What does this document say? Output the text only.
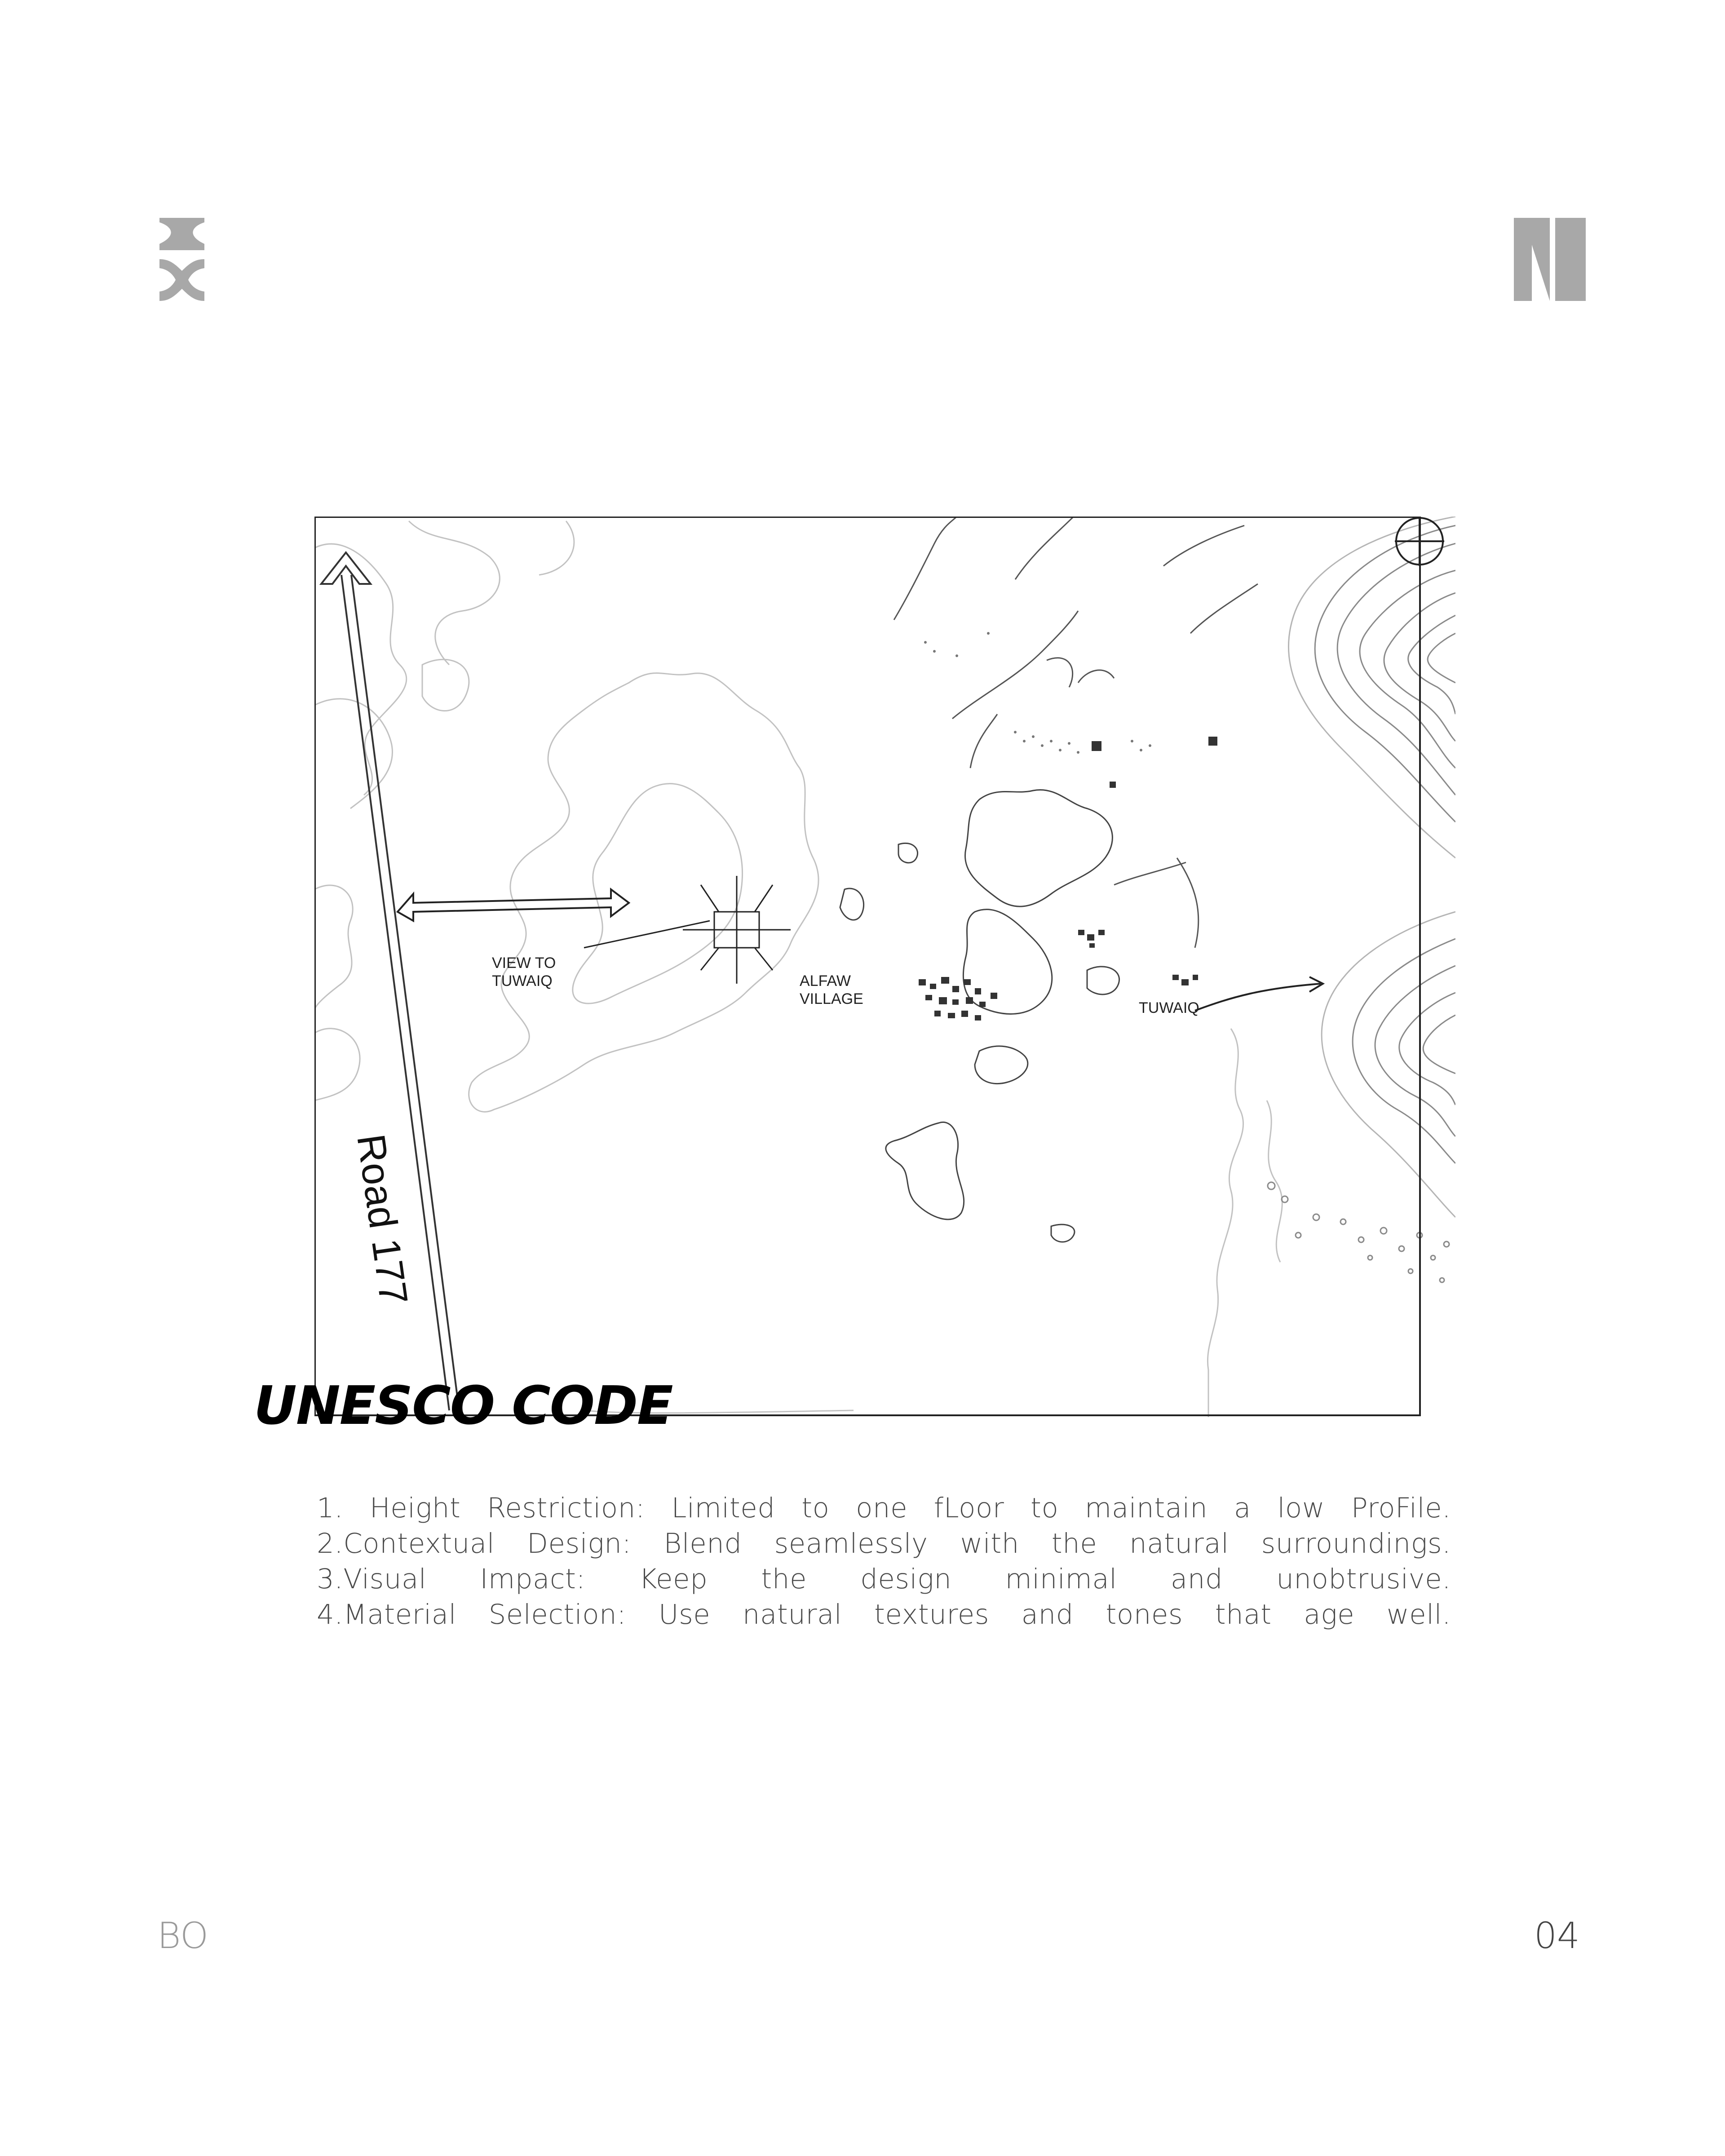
VIEW TO
TUWAIQ	ALFAW
VILLAGE
TUWAIQ
Road 177
UNESCO CODE
1. Height Restriction: Limited to one fLoor to maintain a low ProFile.
2.Contextual Design: Blend seamlessly with the natural surroundings.
3.Visual Impact: Keep the design minimal and unobtrusive.
4.Material Selection: Use natural textures and tones that age well.
BO	04
